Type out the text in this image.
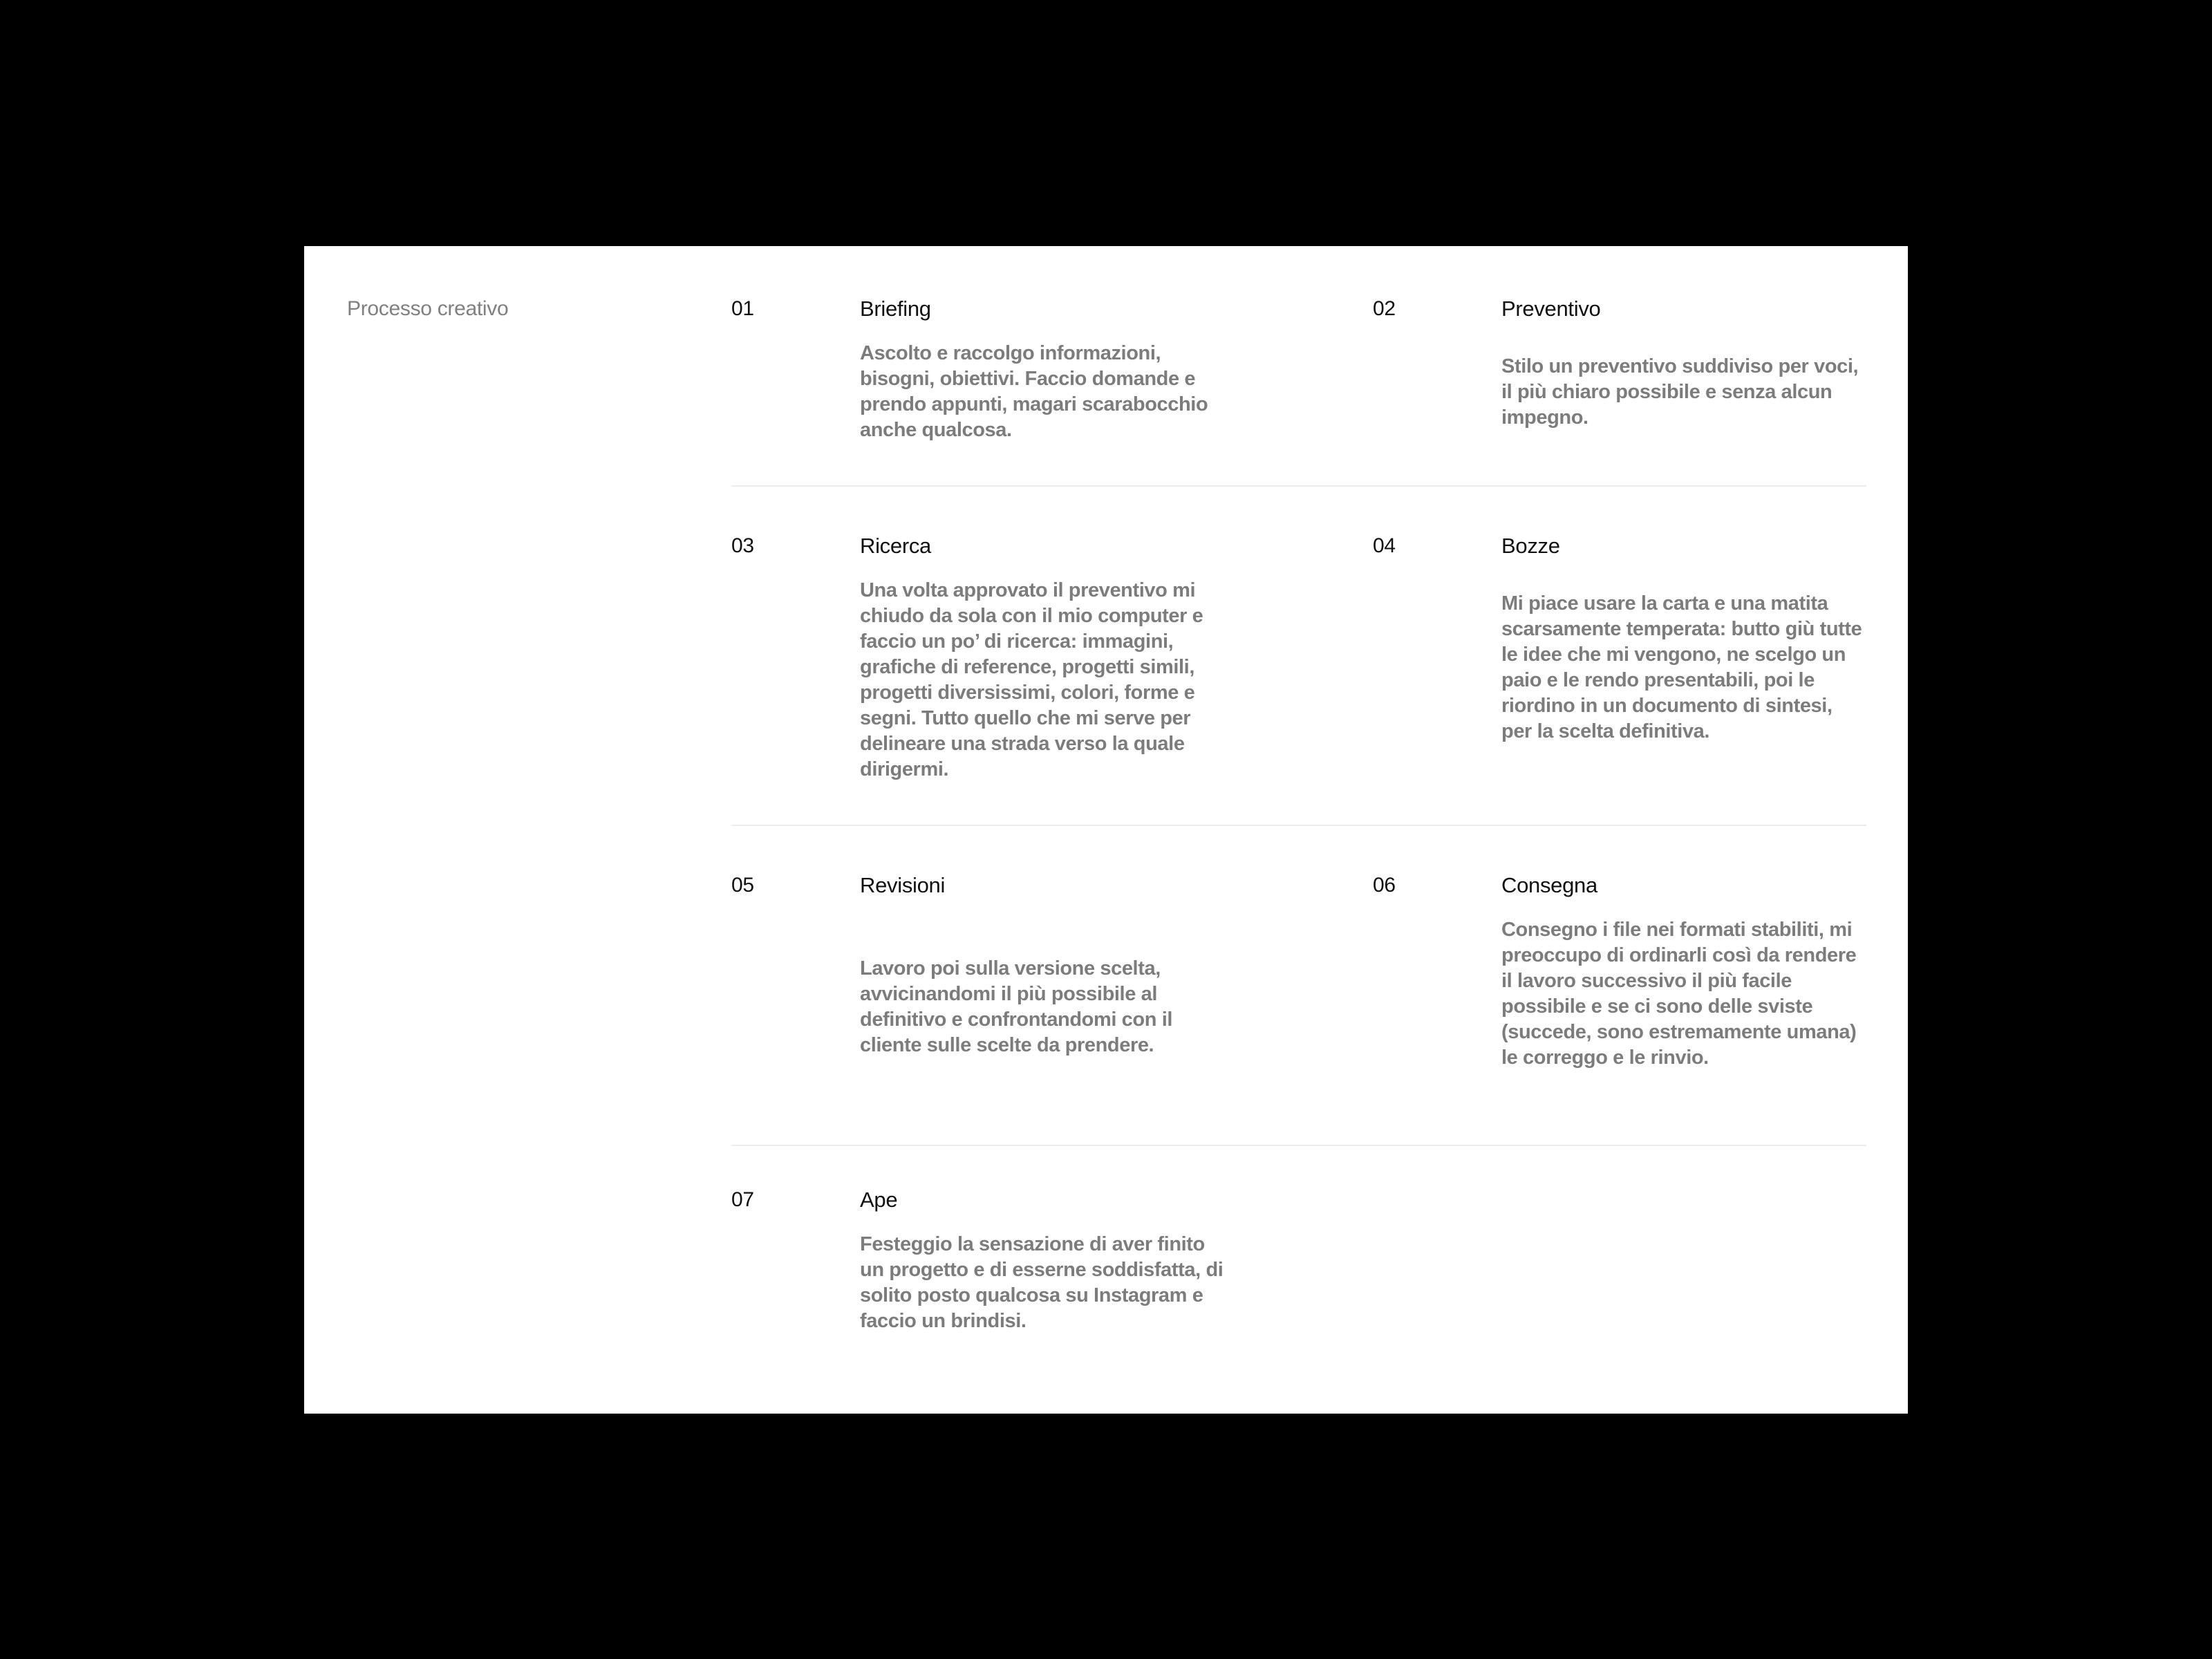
Processo creativo	01	Briefing

Ascolto e raccolgo informazioni, bisogni, obiettivi. Faccio domande e prendo appunti, magari scarabocchio anche qualcosa.

02	Preventivo

Stilo un preventivo suddiviso per voci, il più chiaro possibile e senza alcun impegno.

03	Ricerca

Una volta approvato il preventivo mi chiudo da sola con il mio computer e faccio un po’ di ricerca: immagini, grafiche di reference, progetti simili, progetti diversissimi, colori, forme e segni. Tutto quello che mi serve per delineare una strada verso la quale dirigermi.

04	Bozze

Mi piace usare la carta e una matita scarsamente temperata: butto giù tutte le idee che mi vengono, ne scelgo un paio e le rendo presentabili, poi le riordino in un documento di sintesi, per la scelta definitiva.

05	Revisioni

Lavoro poi sulla versione scelta, avvicinandomi il più possibile al definitivo e confrontandomi con il cliente sulle scelte da prendere.

06	Consegna

Consegno i file nei formati stabiliti, mi preoccupo di ordinarli così da rendere il lavoro successivo il più facile possibile e se ci sono delle sviste (succede, sono estremamente umana) le correggo e le rinvio.

07	Ape

Festeggio la sensazione di aver finito un progetto e di esserne soddisfatta, di solito posto qualcosa su Instagram e faccio un brindisi.
